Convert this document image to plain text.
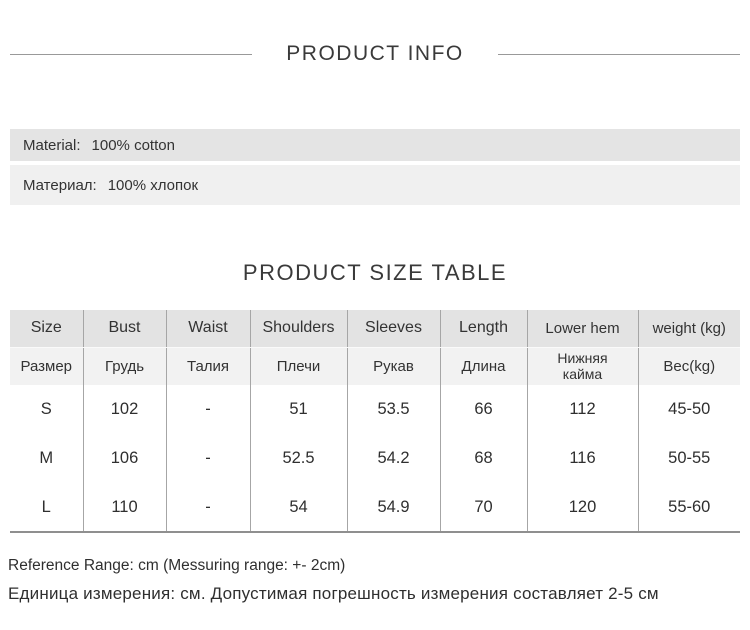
PRODUCT INFO
Material: 100% cotton
Материал: 100% хлопок
PRODUCT SIZE TABLE
Size	Bust	Waist	Shoulders	Sleeves	Length	Lower hem	weight (kg)
Размер	Грудь	Талия	Плечи	Рукав	Длина	Нижняя кайма	Вес(kg)
S	102	-	51	53.5	66	112	45-50
M	106	-	52.5	54.2	68	116	50-55
L	110	-	54	54.9	70	120	55-60
Reference Range: cm (Messuring range: +- 2cm)
Единица измерения: см. Допустимая погрешность измерения составляет 2-5 см
